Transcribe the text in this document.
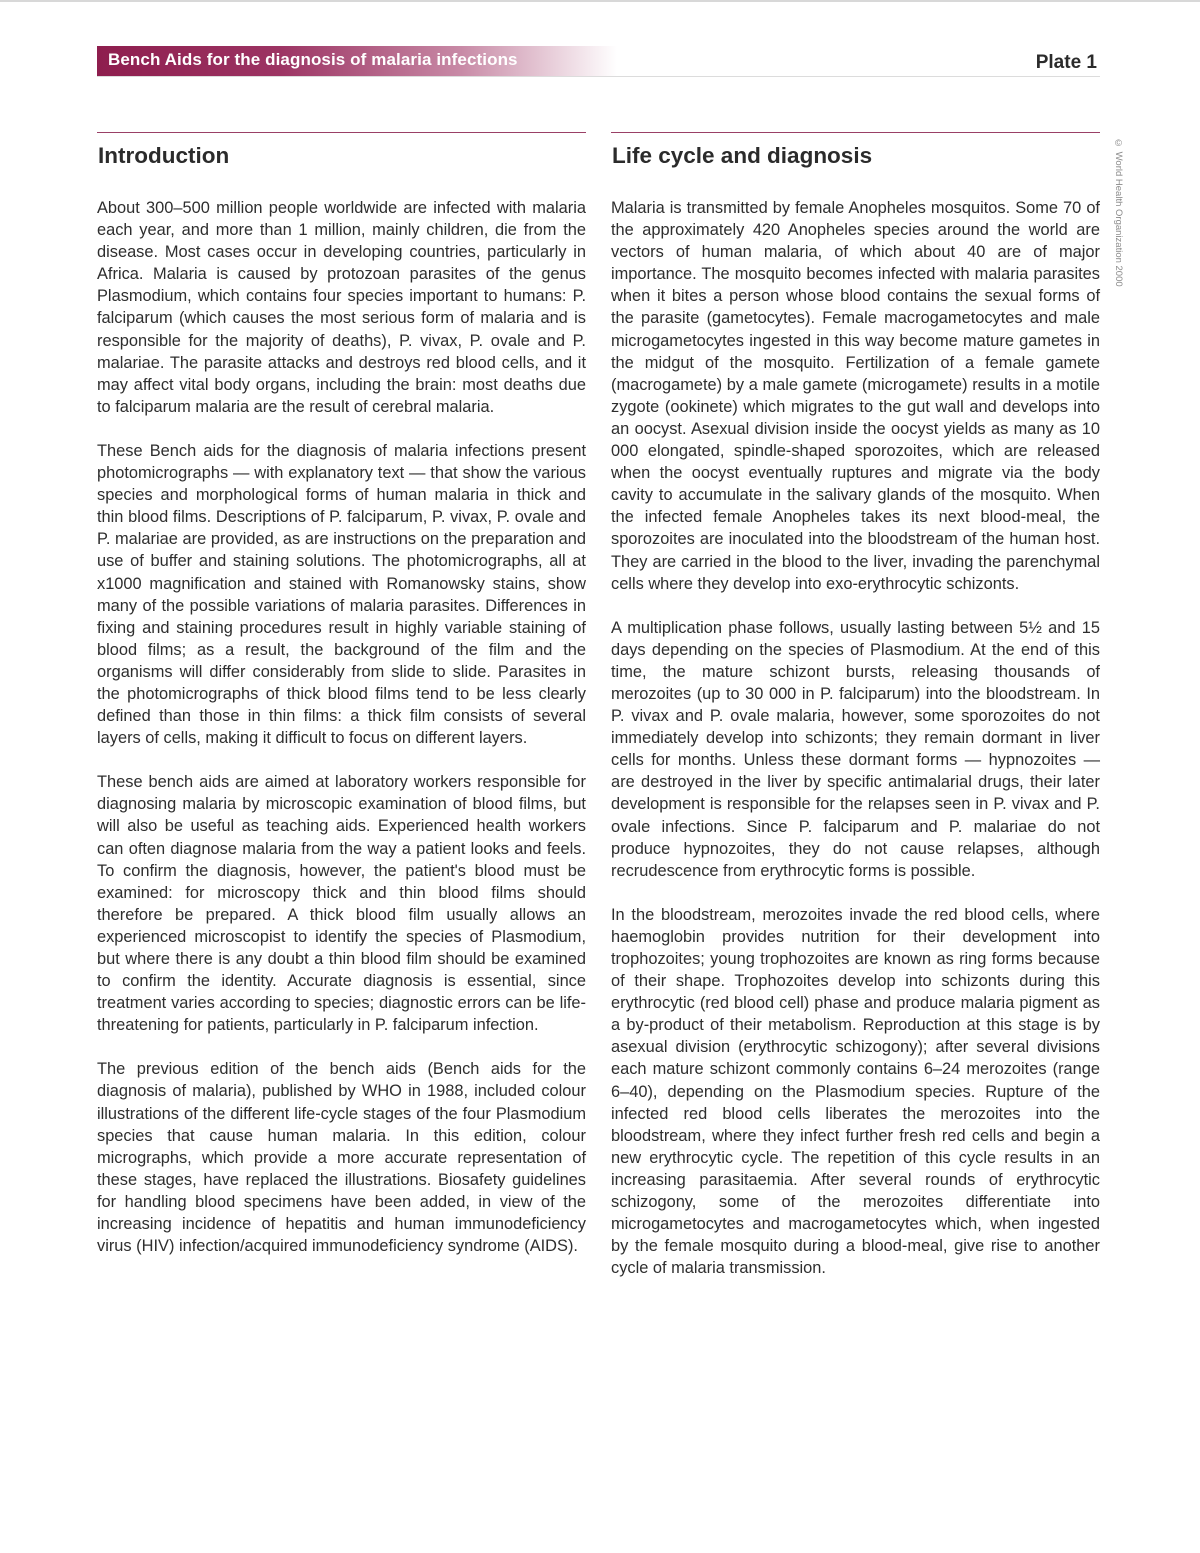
Bench Aids for the diagnosis of malaria infections	Plate 1
© World Health Organization 2000
Introduction

About 300–500 million people worldwide are infected with malaria each year, and more than 1 million, mainly children, die from the disease. Most cases occur in developing countries, particularly in Africa. Malaria is caused by protozoan parasites of the genus Plasmodium, which contains four species important to humans: P. falciparum (which causes the most serious form of malaria and is responsible for the majority of deaths), P. vivax, P. ovale and P. malariae. The parasite attacks and destroys red blood cells, and it may affect vital body organs, including the brain: most deaths due to falciparum malaria are the result of cerebral malaria.

These Bench aids for the diagnosis of malaria infections present photomicrographs — with explanatory text — that show the various species and morphological forms of human malaria in thick and thin blood films. Descriptions of P. falciparum, P. vivax, P. ovale and P. malariae are provided, as are instructions on the preparation and use of buffer and staining solutions. The photomicrographs, all at x1000 magnification and stained with Romanowsky stains, show many of the possible variations of malaria parasites. Differences in fixing and staining procedures result in highly variable staining of blood films; as a result, the background of the film and the organisms will differ considerably from slide to slide. Parasites in the photomicrographs of thick blood films tend to be less clearly defined than those in thin films: a thick film consists of several layers of cells, making it difficult to focus on different layers.

These bench aids are aimed at laboratory workers responsible for diagnosing malaria by microscopic examination of blood films, but will also be useful as teaching aids. Experienced health workers can often diagnose malaria from the way a patient looks and feels. To confirm the diagnosis, however, the patient's blood must be examined: for microscopy thick and thin blood films should therefore be prepared. A thick blood film usually allows an experienced microscopist to identify the species of Plasmodium, but where there is any doubt a thin blood film should be examined to confirm the identity. Accurate diagnosis is essential, since treatment varies according to species; diagnostic errors can be life-threatening for patients, particularly in P. falciparum infection.

The previous edition of the bench aids (Bench aids for the diagnosis of malaria), published by WHO in 1988, included colour illustrations of the different life-cycle stages of the four Plasmodium species that cause human malaria. In this edition, colour micrographs, which provide a more accurate representation of these stages, have replaced the illustrations. Biosafety guidelines for handling blood specimens have been added, in view of the increasing incidence of hepatitis and human immunodeficiency virus (HIV) infection/acquired immunodeficiency syndrome (AIDS).

Life cycle and diagnosis

Malaria is transmitted by female Anopheles mosquitos. Some 70 of the approximately 420 Anopheles species around the world are vectors of human malaria, of which about 40 are of major importance. The mosquito becomes infected with malaria parasites when it bites a person whose blood contains the sexual forms of the parasite (gametocytes). Female macrogametocytes and male microgametocytes ingested in this way become mature gametes in the midgut of the mosquito. Fertilization of a female gamete (macrogamete) by a male gamete (microgamete) results in a motile zygote (ookinete) which migrates to the gut wall and develops into an oocyst. Asexual division inside the oocyst yields as many as 10 000 elongated, spindle-shaped sporozoites, which are released when the oocyst eventually ruptures and migrate via the body cavity to accumulate in the salivary glands of the mosquito. When the infected female Anopheles takes its next blood-meal, the sporozoites are inoculated into the bloodstream of the human host. They are carried in the blood to the liver, invading the parenchymal cells where they develop into exo-erythrocytic schizonts.

A multiplication phase follows, usually lasting between 5½ and 15 days depending on the species of Plasmodium. At the end of this time, the mature schizont bursts, releasing thousands of merozoites (up to 30 000 in P. falciparum) into the bloodstream. In P. vivax and P. ovale malaria, however, some sporozoites do not immediately develop into schizonts; they remain dormant in liver cells for months. Unless these dormant forms — hypnozoites — are destroyed in the liver by specific antimalarial drugs, their later development is responsible for the relapses seen in P. vivax and P. ovale infections. Since P. falciparum and P. malariae do not produce hypnozoites, they do not cause relapses, although recrudescence from erythrocytic forms is possible.

In the bloodstream, merozoites invade the red blood cells, where haemoglobin provides nutrition for their development into trophozoites; young trophozoites are known as ring forms because of their shape. Trophozoites develop into schizonts during this erythrocytic (red blood cell) phase and produce malaria pigment as a by-product of their metabolism. Reproduction at this stage is by asexual division (erythrocytic schizogony); after several divisions each mature schizont commonly contains 6–24 merozoites (range 6–40), depending on the Plasmodium species. Rupture of the infected red blood cells liberates the merozoites into the bloodstream, where they infect further fresh red cells and begin a new erythrocytic cycle. The repetition of this cycle results in an increasing parasitaemia. After several rounds of erythrocytic schizogony, some of the merozoites differentiate into microgametocytes and macrogametocytes which, when ingested by the female mosquito during a blood-meal, give rise to another cycle of malaria transmission.
